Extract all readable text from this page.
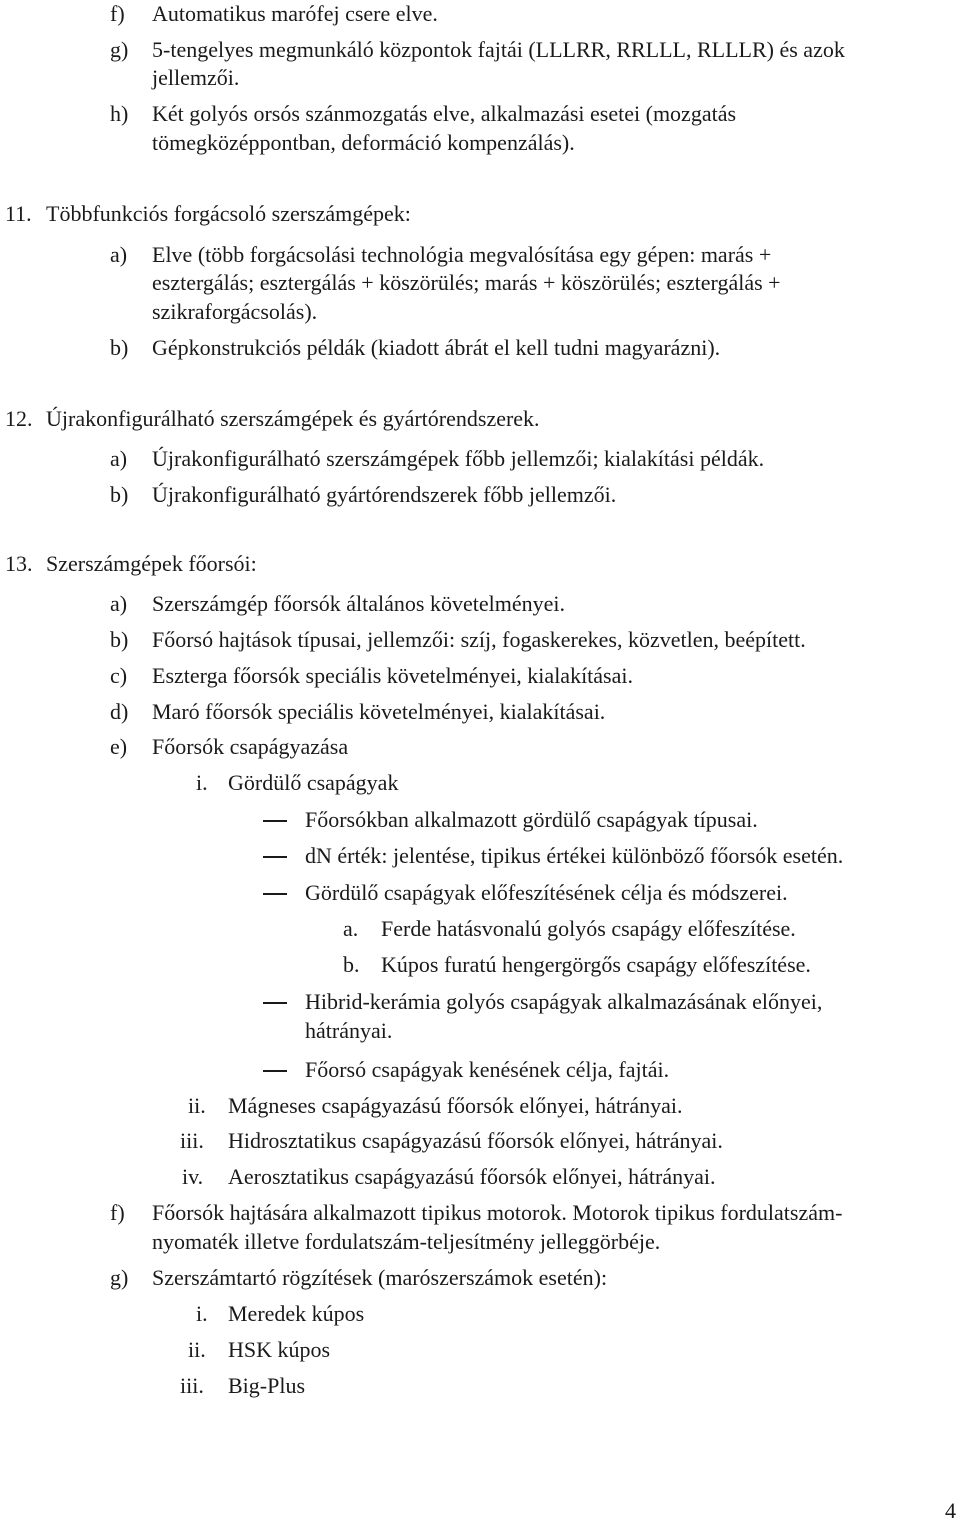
f) Automatikus marófej csere elve.
g) 5-tengelyes megmunkáló központok fajtái (LLLRR, RRLLL, RLLLR) és azok
jellemzői.
h) Két golyós orsós szánmozgatás elve, alkalmazási esetei (mozgatás
tömegközéppontban, deformáció kompenzálás).
11. Többfunkciós forgácsoló szerszámgépek:
a) Elve (több forgácsolási technológia megvalósítása egy gépen: marás +
esztergálás; esztergálás + köszörülés; marás + köszörülés; esztergálás +
szikraforgácsolás).
b) Gépkonstrukciós példák (kiadott ábrát el kell tudni magyarázni).
12. Újrakonfigurálható szerszámgépek és gyártórendszerek.
a) Újrakonfigurálható szerszámgépek főbb jellemzői; kialakítási példák.
b) Újrakonfigurálható gyártórendszerek főbb jellemzői.
13. Szerszámgépek főorsói:
a) Szerszámgép főorsók általános követelményei.
b) Főorsó hajtások típusai, jellemzői: szíj, fogaskerekes, közvetlen, beépített.
c) Eszterga főorsók speciális követelményei, kialakításai.
d) Maró főorsók speciális követelményei, kialakításai.
e) Főorsók csapágyazása
i. Gördülő csapágyak
Főorsókban alkalmazott gördülő csapágyak típusai.
dN érték: jelentése, tipikus értékei különböző főorsók esetén.
Gördülő csapágyak előfeszítésének célja és módszerei.
a. Ferde hatásvonalú golyós csapágy előfeszítése.
b. Kúpos furatú hengergörgős csapágy előfeszítése.
Hibrid-kerámia golyós csapágyak alkalmazásának előnyei,
hátrányai.
Főorsó csapágyak kenésének célja, fajtái.
ii. Mágneses csapágyazású főorsók előnyei, hátrányai.
iii. Hidrosztatikus csapágyazású főorsók előnyei, hátrányai.
iv. Aerosztatikus csapágyazású főorsók előnyei, hátrányai.
f) Főorsók hajtására alkalmazott tipikus motorok. Motorok tipikus fordulatszám-
nyomaték illetve fordulatszám-teljesítmény jelleggörbéje.
g) Szerszámtartó rögzítések (marószerszámok esetén):
i. Meredek kúpos
ii. HSK kúpos
iii. Big-Plus
4
